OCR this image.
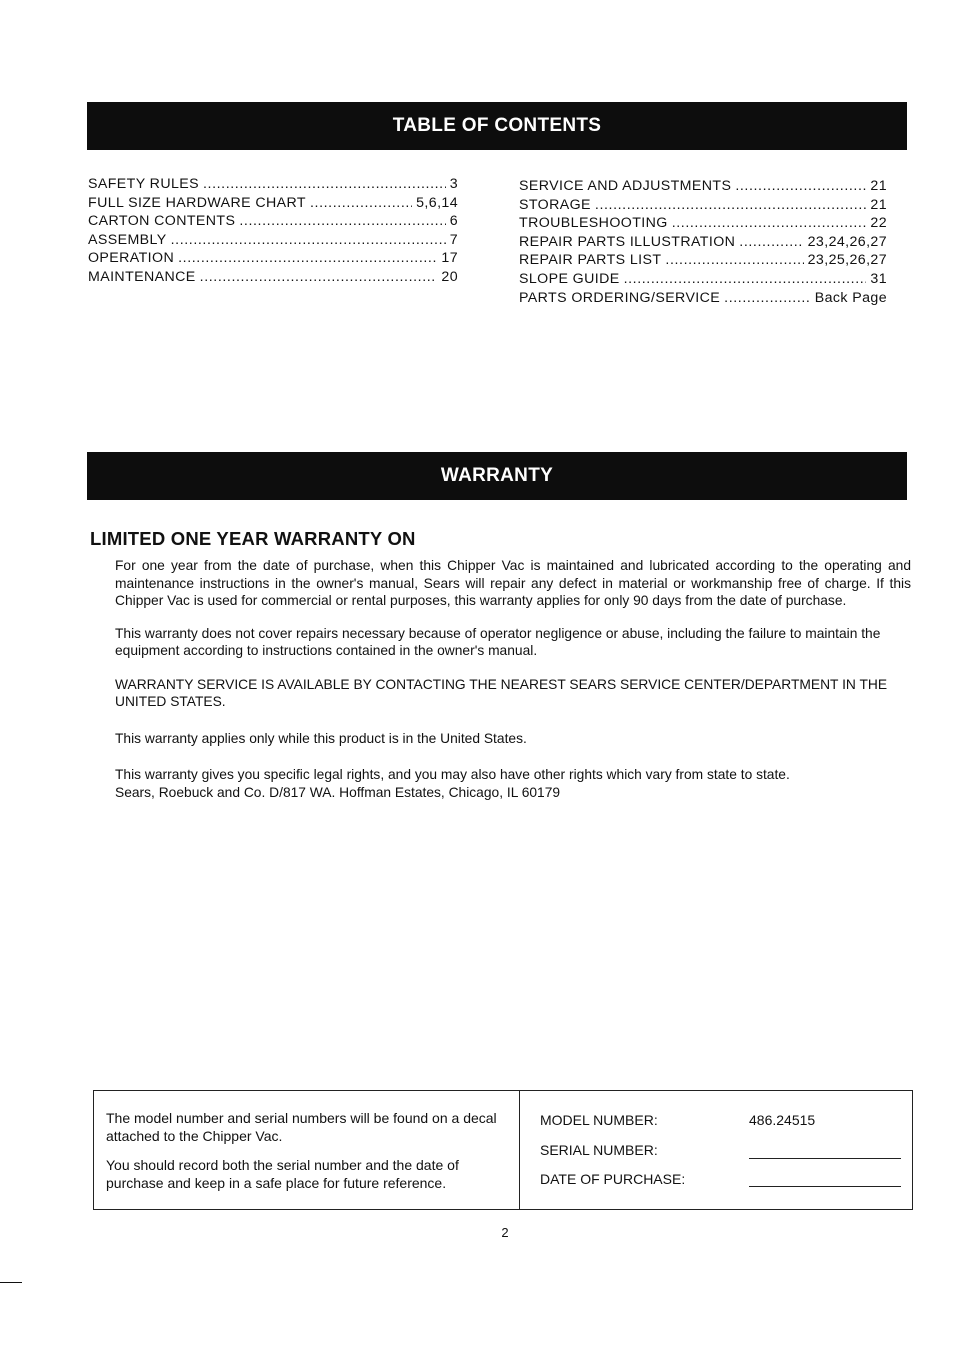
TABLE OF CONTENTS
SAFETY RULES .....	3
FULL SIZE HARDWARE CHART .....	5,6,14
CARTON CONTENTS .....	6
ASSEMBLY .....	7
OPERATION .....	17
MAINTENANCE .....	20
SERVICE AND ADJUSTMENTS .....	21
STORAGE .....	21
TROUBLESHOOTING .....	22
REPAIR PARTS ILLUSTRATION .....	23,24,26,27
REPAIR PARTS LIST .....	23,25,26,27
SLOPE GUIDE .....	31
PARTS ORDERING/SERVICE .....	Back Page
WARRANTY
LIMITED ONE YEAR WARRANTY ON

For one year from the date of purchase, when this Chipper Vac is maintained and lubricated according to the operating and maintenance instructions in the owner's manual, Sears will repair any defect in material or workmanship free of charge. If this Chipper Vac is used for commercial or rental purposes, this warranty applies for only 90 days from the date of purchase.

This warranty does not cover repairs necessary because of operator negligence or abuse, including the failure to maintain the equipment according to instructions contained in the owner's manual.

WARRANTY SERVICE IS AVAILABLE BY CONTACTING THE NEAREST SEARS SERVICE CENTER/DEPARTMENT IN THE UNITED STATES.

This warranty applies only while this product is in the United States.

This warranty gives you specific legal rights, and you may also have other rights which vary from state to state.

Sears, Roebuck and Co. D/817 WA. Hoffman Estates, Chicago, IL 60179

The model number and serial numbers will be found on a decal attached to the Chipper Vac.

You should record both the serial number and the date of purchase and keep in a safe place for future reference.

MODEL NUMBER:	486.24515
SERIAL NUMBER:
DATE OF PURCHASE:
2
